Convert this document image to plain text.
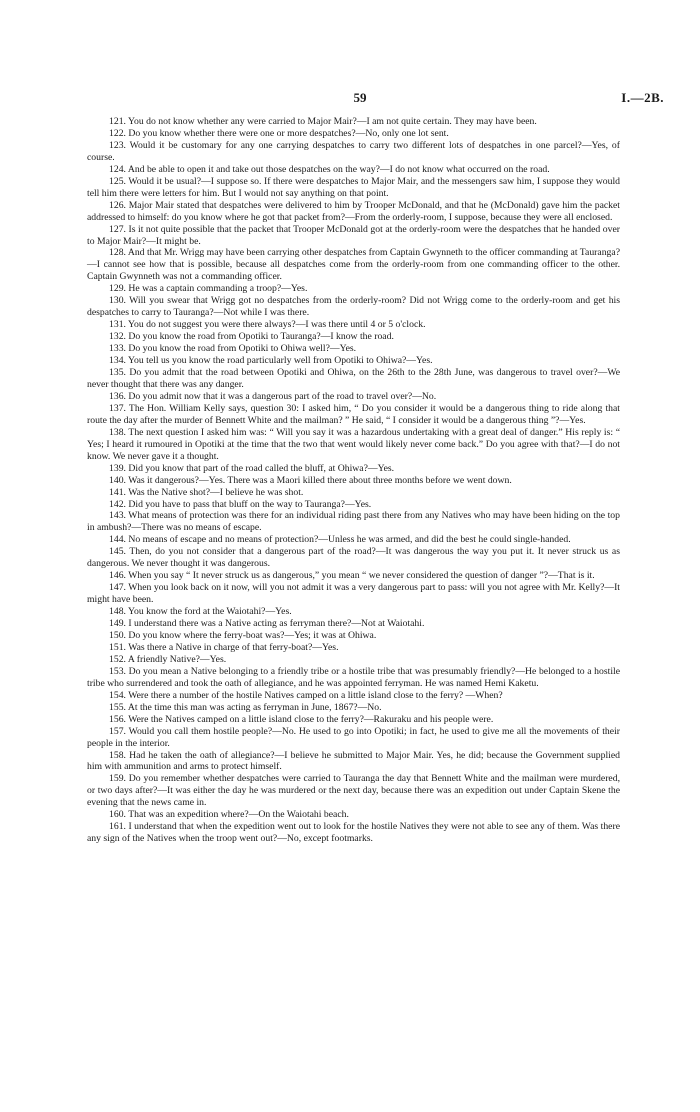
59	I.—2B.

121. You do not know whether any were carried to Major Mair?—I am not quite certain. They may have been.

122. Do you know whether there were one or more despatches?—No, only one lot sent.

123. Would it be customary for any one carrying despatches to carry two different lots of despatches in one parcel?—Yes, of course.

124. And be able to open it and take out those despatches on the way?—I do not know what occurred on the road.

125. Would it be usual?—I suppose so. If there were despatches to Major Mair, and the messengers saw him, I suppose they would tell him there were letters for him. But I would not say anything on that point.

126. Major Mair stated that despatches were delivered to him by Trooper McDonald, and that he (McDonald) gave him the packet addressed to himself: do you know where he got that packet from?—From the orderly-room, I suppose, because they were all enclosed.

127. Is it not quite possible that the packet that Trooper McDonald got at the orderly-room were the despatches that he handed over to Major Mair?—It might be.

128. And that Mr. Wrigg may have been carrying other despatches from Captain Gwynneth to the officer commanding at Tauranga?—I cannot see how that is possible, because all despatches come from the orderly-room from one commanding officer to the other. Captain Gwynneth was not a commanding officer.

129. He was a captain commanding a troop?—Yes.

130. Will you swear that Wrigg got no despatches from the orderly-room? Did not Wrigg come to the orderly-room and get his despatches to carry to Tauranga?—Not while I was there.

131. You do not suggest you were there always?—I was there until 4 or 5 o'clock.

132. Do you know the road from Opotiki to Tauranga?—I know the road.

133. Do you know the road from Opotiki to Ohiwa well?—Yes.

134. You tell us you know the road particularly well from Opotiki to Ohiwa?—Yes.

135. Do you admit that the road between Opotiki and Ohiwa, on the 26th to the 28th June, was dangerous to travel over?—We never thought that there was any danger.

136. Do you admit now that it was a dangerous part of the road to travel over?—No.

137. The Hon. William Kelly says, question 30: I asked him, “ Do you consider it would be a dangerous thing to ride along that route the day after the murder of Bennett White and the mailman? ” He said, “ I consider it would be a dangerous thing ”?—Yes.

138. The next question I asked him was: “ Will you say it was a hazardous undertaking with a great deal of danger.” His reply is: “ Yes; I heard it rumoured in Opotiki at the time that the two that went would likely never come back.” Do you agree with that?—I do not know. We never gave it a thought.

139. Did you know that part of the road called the bluff, at Ohiwa?—Yes.

140. Was it dangerous?—Yes. There was a Maori killed there about three months before we went down.

141. Was the Native shot?—I believe he was shot.

142. Did you have to pass that bluff on the way to Tauranga?—Yes.

143. What means of protection was there for an individual riding past there from any Natives who may have been hiding on the top in ambush?—There was no means of escape.

144. No means of escape and no means of protection?—Unless he was armed, and did the best he could single-handed.

145. Then, do you not consider that a dangerous part of the road?—It was dangerous the way you put it. It never struck us as dangerous. We never thought it was dangerous.

146. When you say “ It never struck us as dangerous,” you mean “ we never considered the question of danger ”?—That is it.

147. When you look back on it now, will you not admit it was a very dangerous part to pass: will you not agree with Mr. Kelly?—It might have been.

148. You know the ford at the Waiotahi?—Yes.

149. I understand there was a Native acting as ferryman there?—Not at Waiotahi.

150. Do you know where the ferry-boat was?—Yes; it was at Ohiwa.

151. Was there a Native in charge of that ferry-boat?—Yes.

152. A friendly Native?—Yes.

153. Do you mean a Native belonging to a friendly tribe or a hostile tribe that was presumably friendly?—He belonged to a hostile tribe who surrendered and took the oath of allegiance, and he was appointed ferryman. He was named Hemi Kaketu.

154. Were there a number of the hostile Natives camped on a little island close to the ferry? —When?

155. At the time this man was acting as ferryman in June, 1867?—No.

156. Were the Natives camped on a little island close to the ferry?—Rakuraku and his people were.

157. Would you call them hostile people?—No. He used to go into Opotiki; in fact, he used to give me all the movements of their people in the interior.

158. Had he taken the oath of allegiance?—I believe he submitted to Major Mair. Yes, he did; because the Government supplied him with ammunition and arms to protect himself.

159. Do you remember whether despatches were carried to Tauranga the day that Bennett White and the mailman were murdered, or two days after?—It was either the day he was murdered or the next day, because there was an expedition out under Captain Skene the evening that the news came in.

160. That was an expedition where?—On the Waiotahi beach.

161. I understand that when the expedition went out to look for the hostile Natives they were not able to see any of them. Was there any sign of the Natives when the troop went out?—No, except footmarks.
